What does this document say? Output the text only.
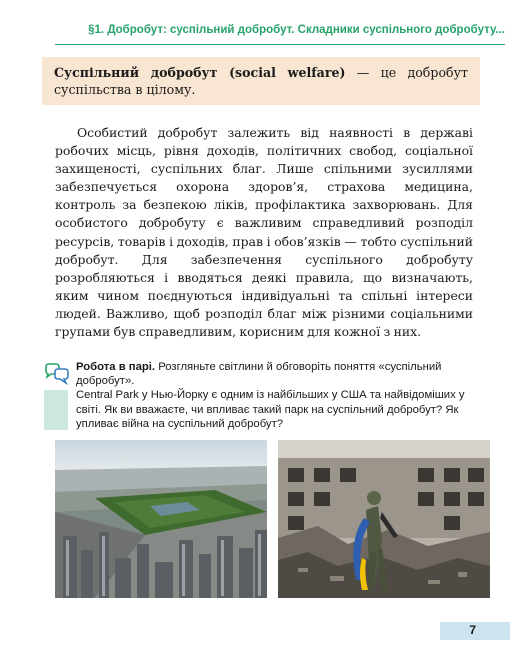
§1. Добробут: суспільний добробут. Складники суспільного добробуту...
Суспільний добробут (social welfare) — це добробут суспільства в цілому.
Особистий добробут залежить від наявності в державі робочих місць, рівня доходів, політичних свобод, соціальної захищеності, суспільних благ. Лише спільними зусиллями забезпечується охорона здоров’я, страхова медицина, контроль за безпекою ліків, профілактика захворювань. Для особистого добробуту є важливим справедливий розподіл ресурсів, товарів і доходів, прав і обов’язків — тобто суспільний добробут. Для забезпечення суспільного добробуту розробляються і вводяться деякі правила, що визначають, яким чином поєднуються індивідуальні та спільні інтереси людей. Важливо, щоб розподіл благ між різними соціальними групами був справедливим, корисним для кожної з них.

Робота в парі. Розгляньте світлини й обговоріть поняття «суспільний добробут».

Central Park у Нью-Йорку є одним із найбільших у США та найвідоміших у світі. Як ви вважаєте, чи впливає такий парк на суспільний добробут? Як упливає війна на суспільний добробут?

7
